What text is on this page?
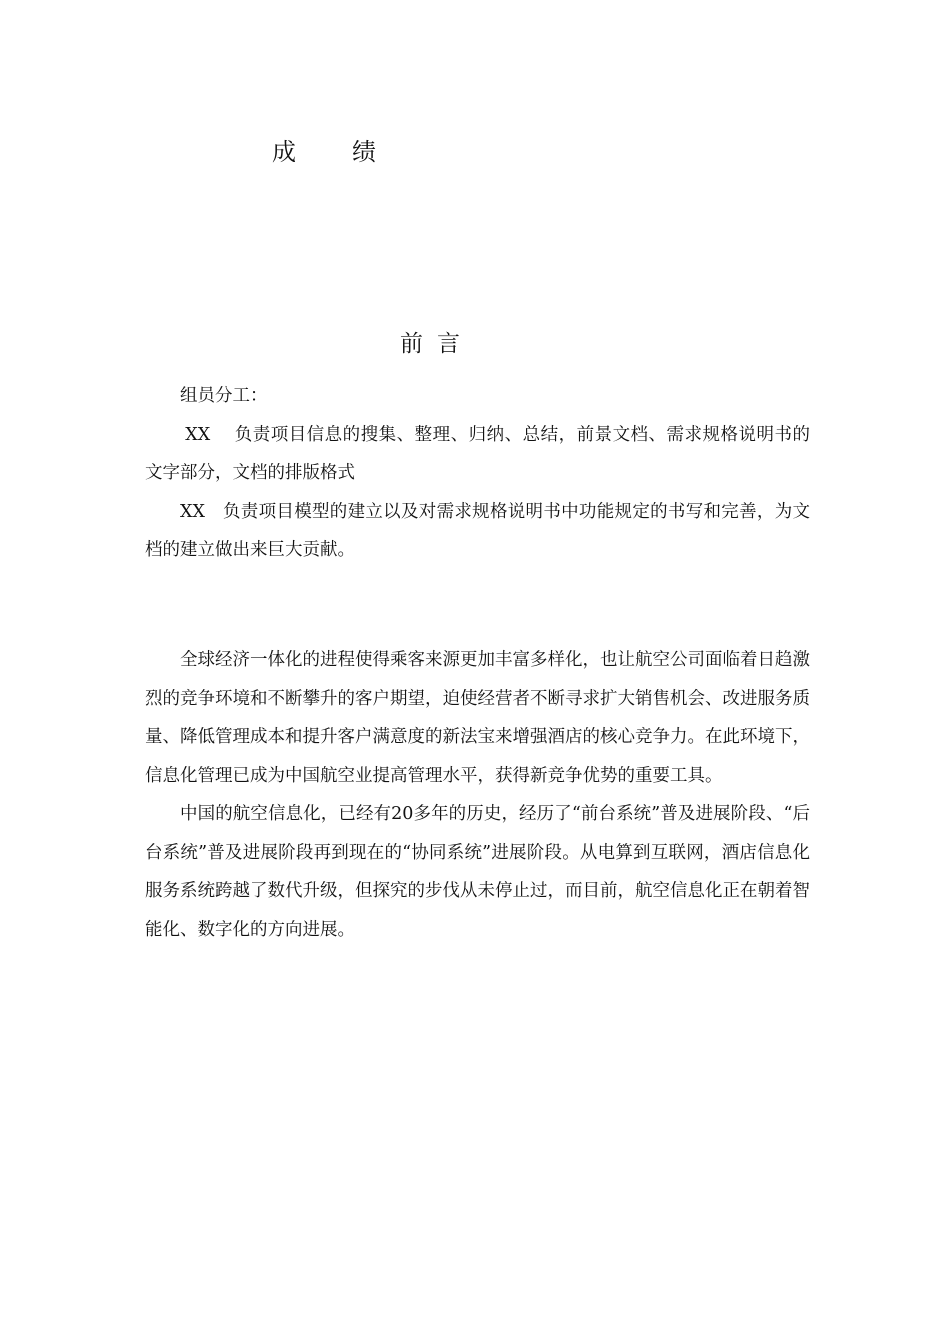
成 绩
前 言

组员分工：

XX　 负责项目信息的搜集、整理、归纳、总结，前景文档、需求规格说明书的文字部分，文档的排版格式

XX　负责项目模型的建立以及对需求规格说明书中功能规定的书写和完善，为文档的建立做出来巨大贡献。

全球经济一体化的进程使得乘客来源更加丰富多样化，也让航空公司面临着日趋激烈的竞争环境和不断攀升的客户期望，迫使经营者不断寻求扩大销售机会、改进服务质量、降低管理成本和提升客户满意度的新法宝来增强酒店的核心竞争力。在此环境下，信息化管理已成为中国航空业提高管理水平，获得新竞争优势的重要工具。

中国的航空信息化，已经有20多年的历史，经历了“前台系统”普及进展阶段、“后台系统”普及进展阶段再到现在的“协同系统”进展阶段。从电算到互联网，酒店信息化服务系统跨越了数代升级，但探究的步伐从未停止过，而目前，航空信息化正在朝着智能化、数字化的方向进展。
